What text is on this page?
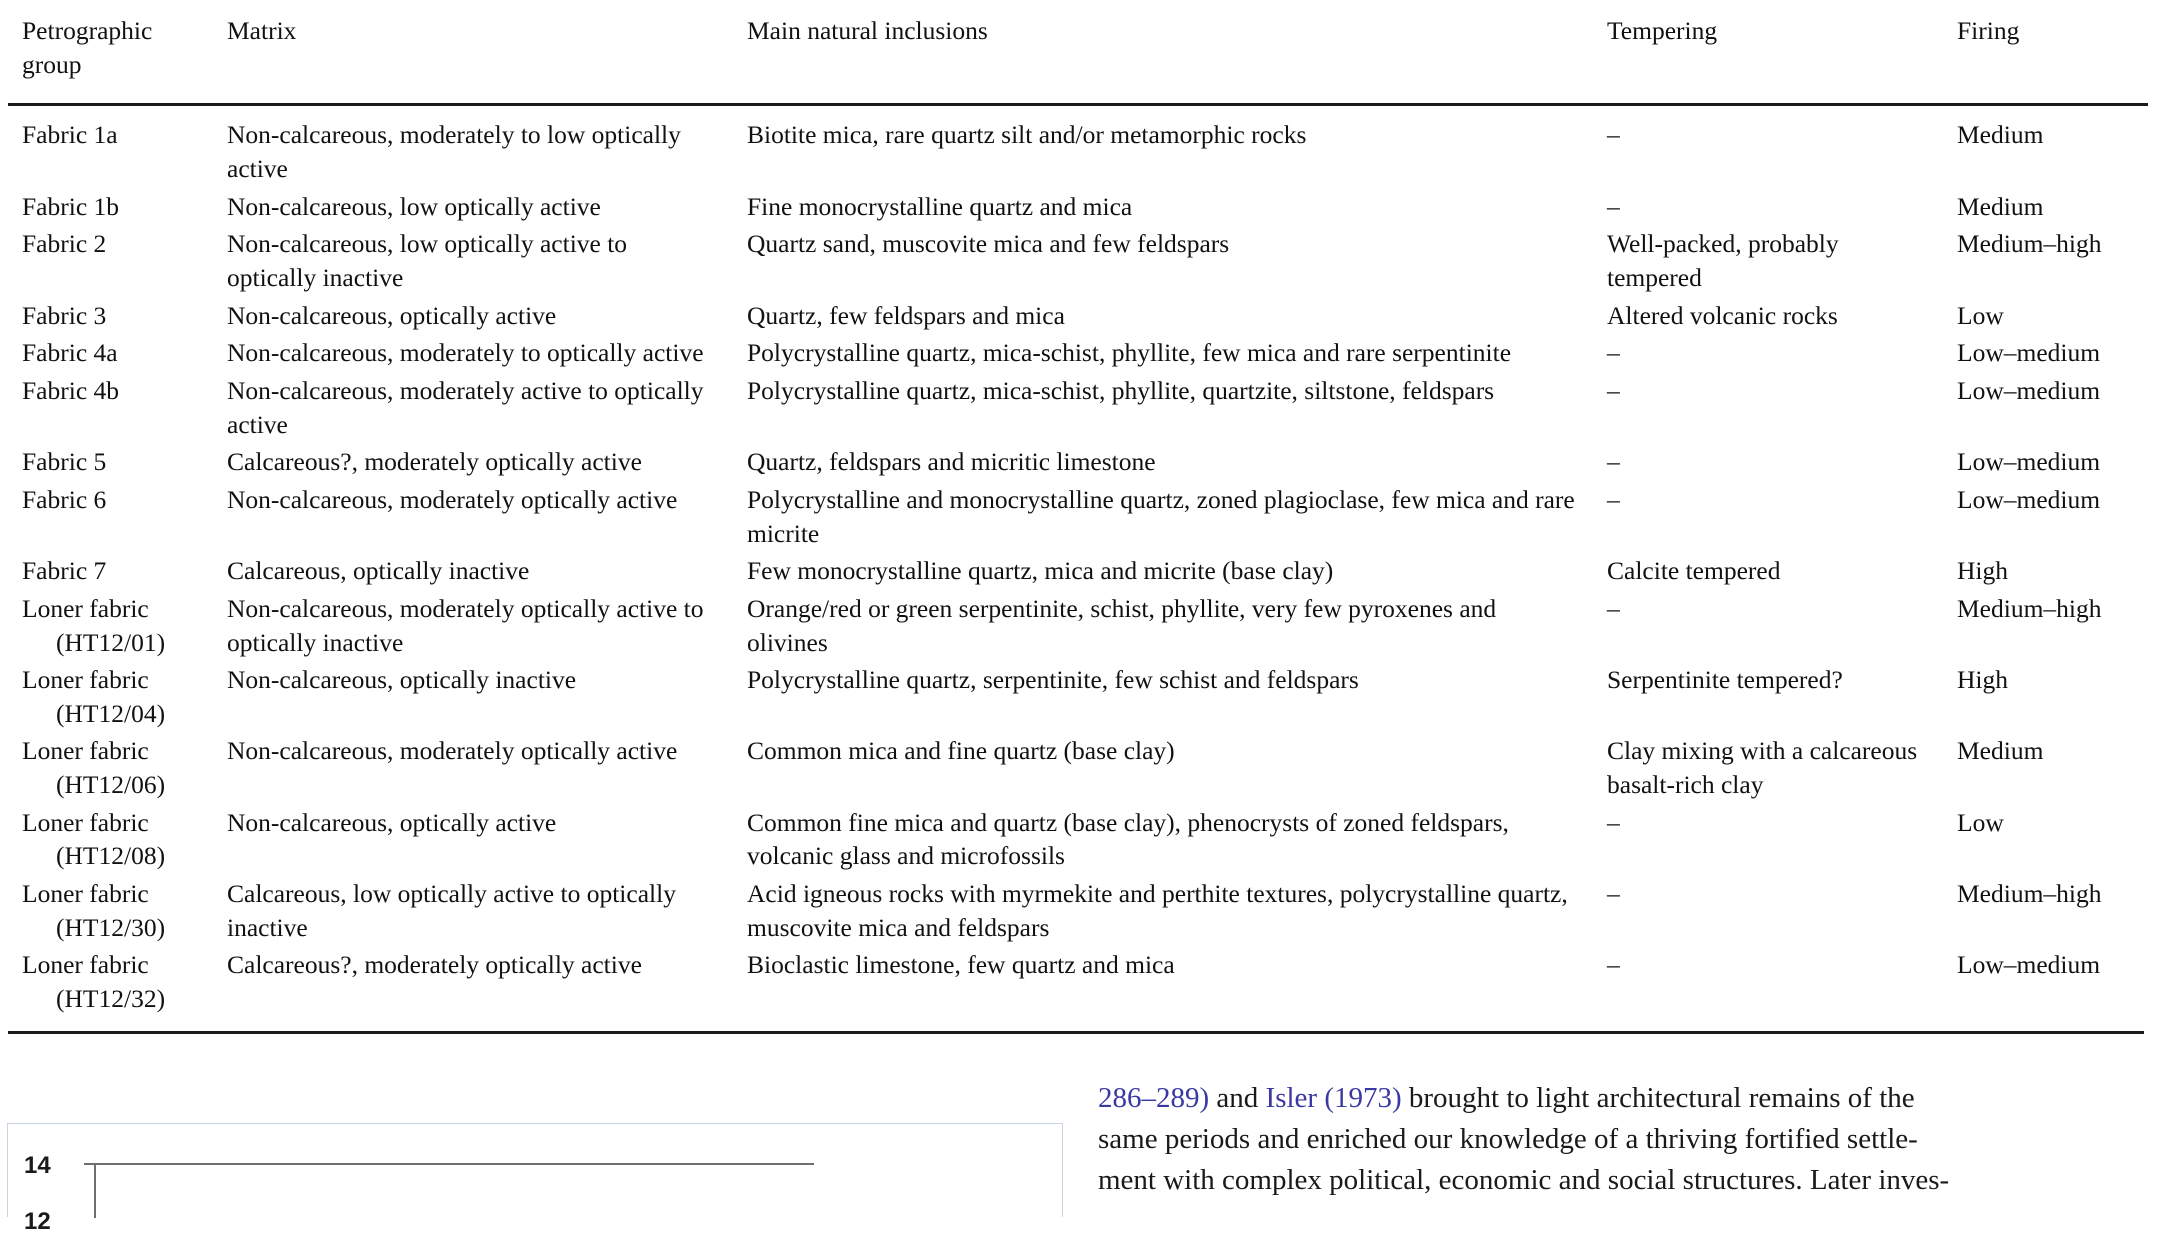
Petrographic
group	Matrix	Main natural inclusions	Tempering	Firing

Fabric 1a	Non-calcareous, moderately to low optically active	Biotite mica, rare quartz silt and/or metamorphic rocks	–	Medium

Fabric 1b	Non-calcareous, low optically active	Fine monocrystalline quartz and mica	–	Medium

Fabric 2	Non-calcareous, low optically active to optically inactive	Quartz sand, muscovite mica and few feldspars	Well-packed, probably tempered	Medium–high

Fabric 3	Non-calcareous, optically active	Quartz, few feldspars and mica	Altered volcanic rocks	Low

Fabric 4a	Non-calcareous, moderately to optically active	Polycrystalline quartz, mica-schist, phyllite, few mica and rare serpentinite	–	Low–medium

Fabric 4b	Non-calcareous, moderately active to optically active	Polycrystalline quartz, mica-schist, phyllite, quartzite, siltstone, feldspars	–	Low–medium

Fabric 5	Calcareous?, moderately optically active	Quartz, feldspars and micritic limestone	–	Low–medium

Fabric 6	Non-calcareous, moderately optically active	Polycrystalline and monocrystalline quartz, zoned plagioclase, few mica and rare micrite	–	Low–medium

Fabric 7	Calcareous, optically inactive	Few monocrystalline quartz, mica and micrite (base clay)	Calcite tempered	High

Loner fabric
(HT12/01)	Non-calcareous, moderately optically active to optically inactive	Orange/red or green serpentinite, schist, phyllite, very few pyroxenes and olivines	–	Medium–high

Loner fabric
(HT12/04)	Non-calcareous, optically inactive	Polycrystalline quartz, serpentinite, few schist and feldspars	Serpentinite tempered?	High

Loner fabric
(HT12/06)	Non-calcareous, moderately optically active	Common mica and fine quartz (base clay)	Clay mixing with a calcareous basalt-rich clay	Medium

Loner fabric
(HT12/08)	Non-calcareous, optically active	Common fine mica and quartz (base clay), phenocrysts of zoned feldspars, volcanic glass and microfossils	–	Low

Loner fabric
(HT12/30)	Calcareous, low optically active to optically inactive	Acid igneous rocks with myrmekite and perthite textures, polycrystalline quartz, muscovite mica and feldspars	–	Medium–high

Loner fabric
(HT12/32)	Calcareous?, moderately optically active	Bioclastic limestone, few quartz and mica	–	Low–medium
14
12

286–289) and Isler (1973) brought to light architectural remains of the

same periods and enriched our knowledge of a thriving fortified settle-

ment with complex political, economic and social structures. Later inves-
